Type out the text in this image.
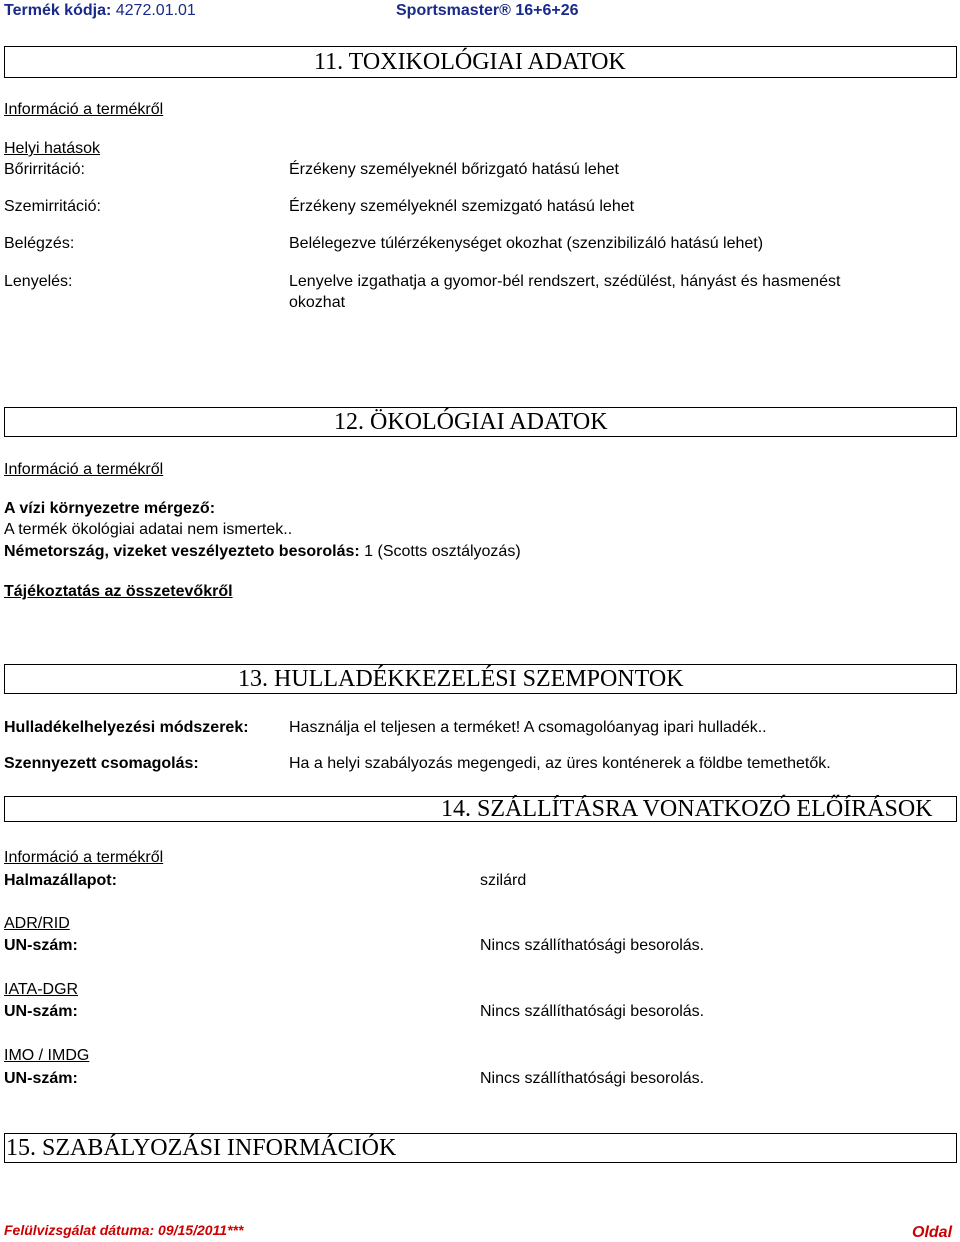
Termék kódja: 4272.01.01	Sportsmaster® 16+6+26
11. TOXIKOLÓGIAI ADATOK
Információ a termékről
Helyi hatások
Bőrirritáció:	Érzékeny személyeknél bőrizgató hatású lehet
Szemirritáció:	Érzékeny személyeknél szemizgató hatású lehet
Belégzés:	Belélegezve túlérzékenységet okozhat (szenzibilizáló hatású lehet)
Lenyelés:	Lenyelve izgathatja a gyomor-bél rendszert, szédülést, hányást és hasmenést
okozhat
12. ÖKOLÓGIAI ADATOK
Információ a termékről
A vízi környezetre mérgező:
A termék ökológiai adatai nem ismertek..
Németország, vizeket veszélyezteto besorolás: 1 (Scotts osztályozás)
Tájékoztatás az összetevőkről
13. HULLADÉKKEZELÉSI SZEMPONTOK
Hulladékelhelyezési módszerek:	Használja el teljesen a terméket! A csomagolóanyag ipari hulladék..
Szennyezett csomagolás:	Ha a helyi szabályozás megengedi, az üres konténerek a földbe temethetők.
14. SZÁLLÍTÁSRA VONATKOZÓ ELŐÍRÁSOK
Információ a termékről
Halmazállapot:	szilárd
ADR/RID
UN-szám:	Nincs szállíthatósági besorolás.
IATA-DGR
UN-szám:	Nincs szállíthatósági besorolás.
IMO / IMDG
UN-szám:	Nincs szállíthatósági besorolás.
15. SZABÁLYOZÁSI INFORMÁCIÓK
Felülvizsgálat dátuma: 09/15/2011***	Oldal
